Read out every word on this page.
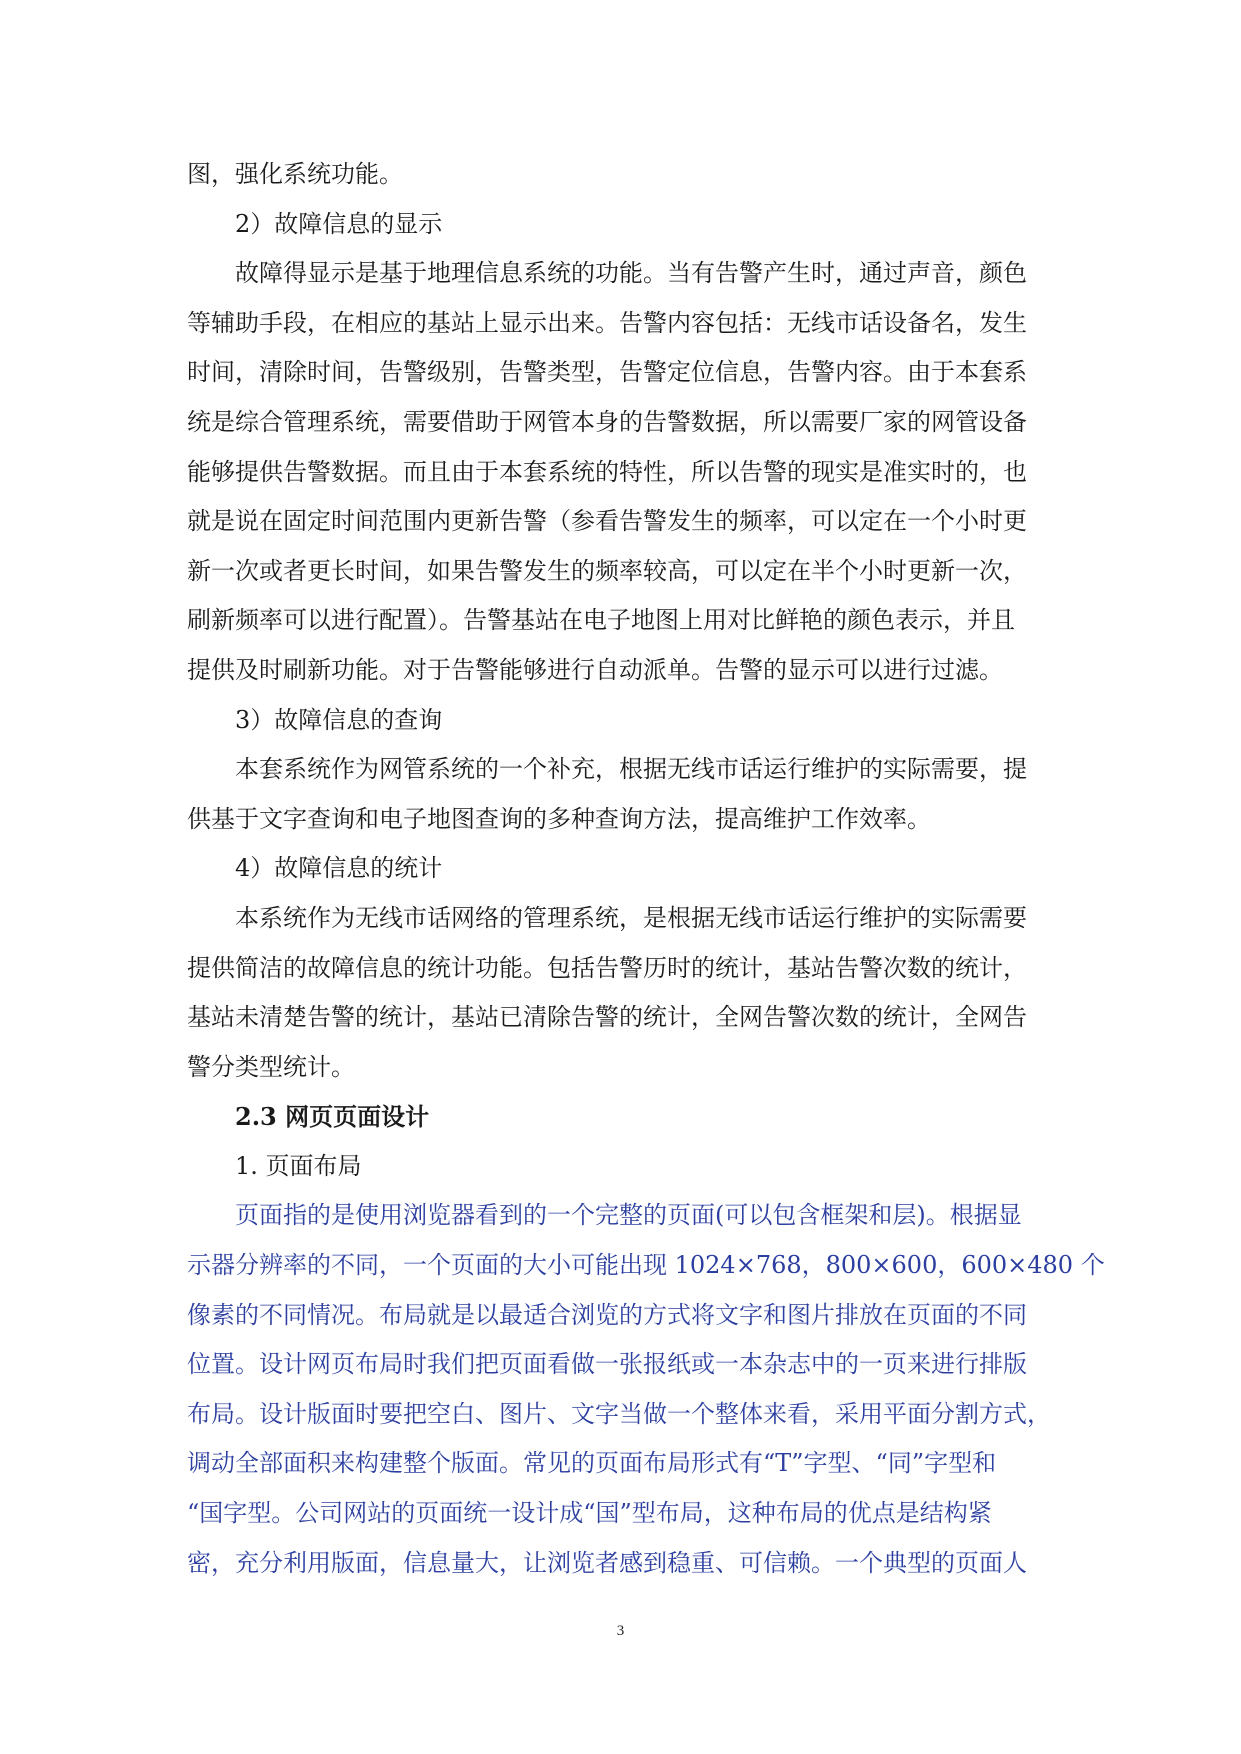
图，强化系统功能。
2）故障信息的显示
故障得显示是基于地理信息系统的功能。当有告警产生时，通过声音，颜色
等辅助手段，在相应的基站上显示出来。告警内容包括：无线市话设备名，发生
时间，清除时间，告警级别，告警类型，告警定位信息，告警内容。由于本套系
统是综合管理系统，需要借助于网管本身的告警数据，所以需要厂家的网管设备
能够提供告警数据。而且由于本套系统的特性，所以告警的现实是准实时的，也
就是说在固定时间范围内更新告警（参看告警发生的频率，可以定在一个小时更
新一次或者更长时间，如果告警发生的频率较高，可以定在半个小时更新一次，
刷新频率可以进行配置）。告警基站在电子地图上用对比鲜艳的颜色表示，并且
提供及时刷新功能。对于告警能够进行自动派单。告警的显示可以进行过滤。
3）故障信息的查询
本套系统作为网管系统的一个补充，根据无线市话运行维护的实际需要，提
供基于文字查询和电子地图查询的多种查询方法，提高维护工作效率。
4）故障信息的统计
本系统作为无线市话网络的管理系统，是根据无线市话运行维护的实际需要
提供简洁的故障信息的统计功能。包括告警历时的统计，基站告警次数的统计，
基站未清楚告警的统计，基站已清除告警的统计，全网告警次数的统计，全网告
警分类型统计。
2.3 网页页面设计
1. 页面布局
页面指的是使用浏览器看到的一个完整的页面(可以包含框架和层)。根据显
示器分辨率的不同，一个页面的大小可能出现 1024×768，800×600，600×480 个
像素的不同情况。布局就是以最适合浏览的方式将文字和图片排放在页面的不同
位置。设计网页布局时我们把页面看做一张报纸或一本杂志中的一页来进行排版
布局。设计版面时要把空白、图片、文字当做一个整体来看，采用平面分割方式，
调动全部面积来构建整个版面。常见的页面布局形式有“T”字型、“同”字型和
“国字型。公司网站的页面统一设计成“国”型布局，这种布局的优点是结构紧
密，充分利用版面，信息量大，让浏览者感到稳重、可信赖。一个典型的页面人
3
